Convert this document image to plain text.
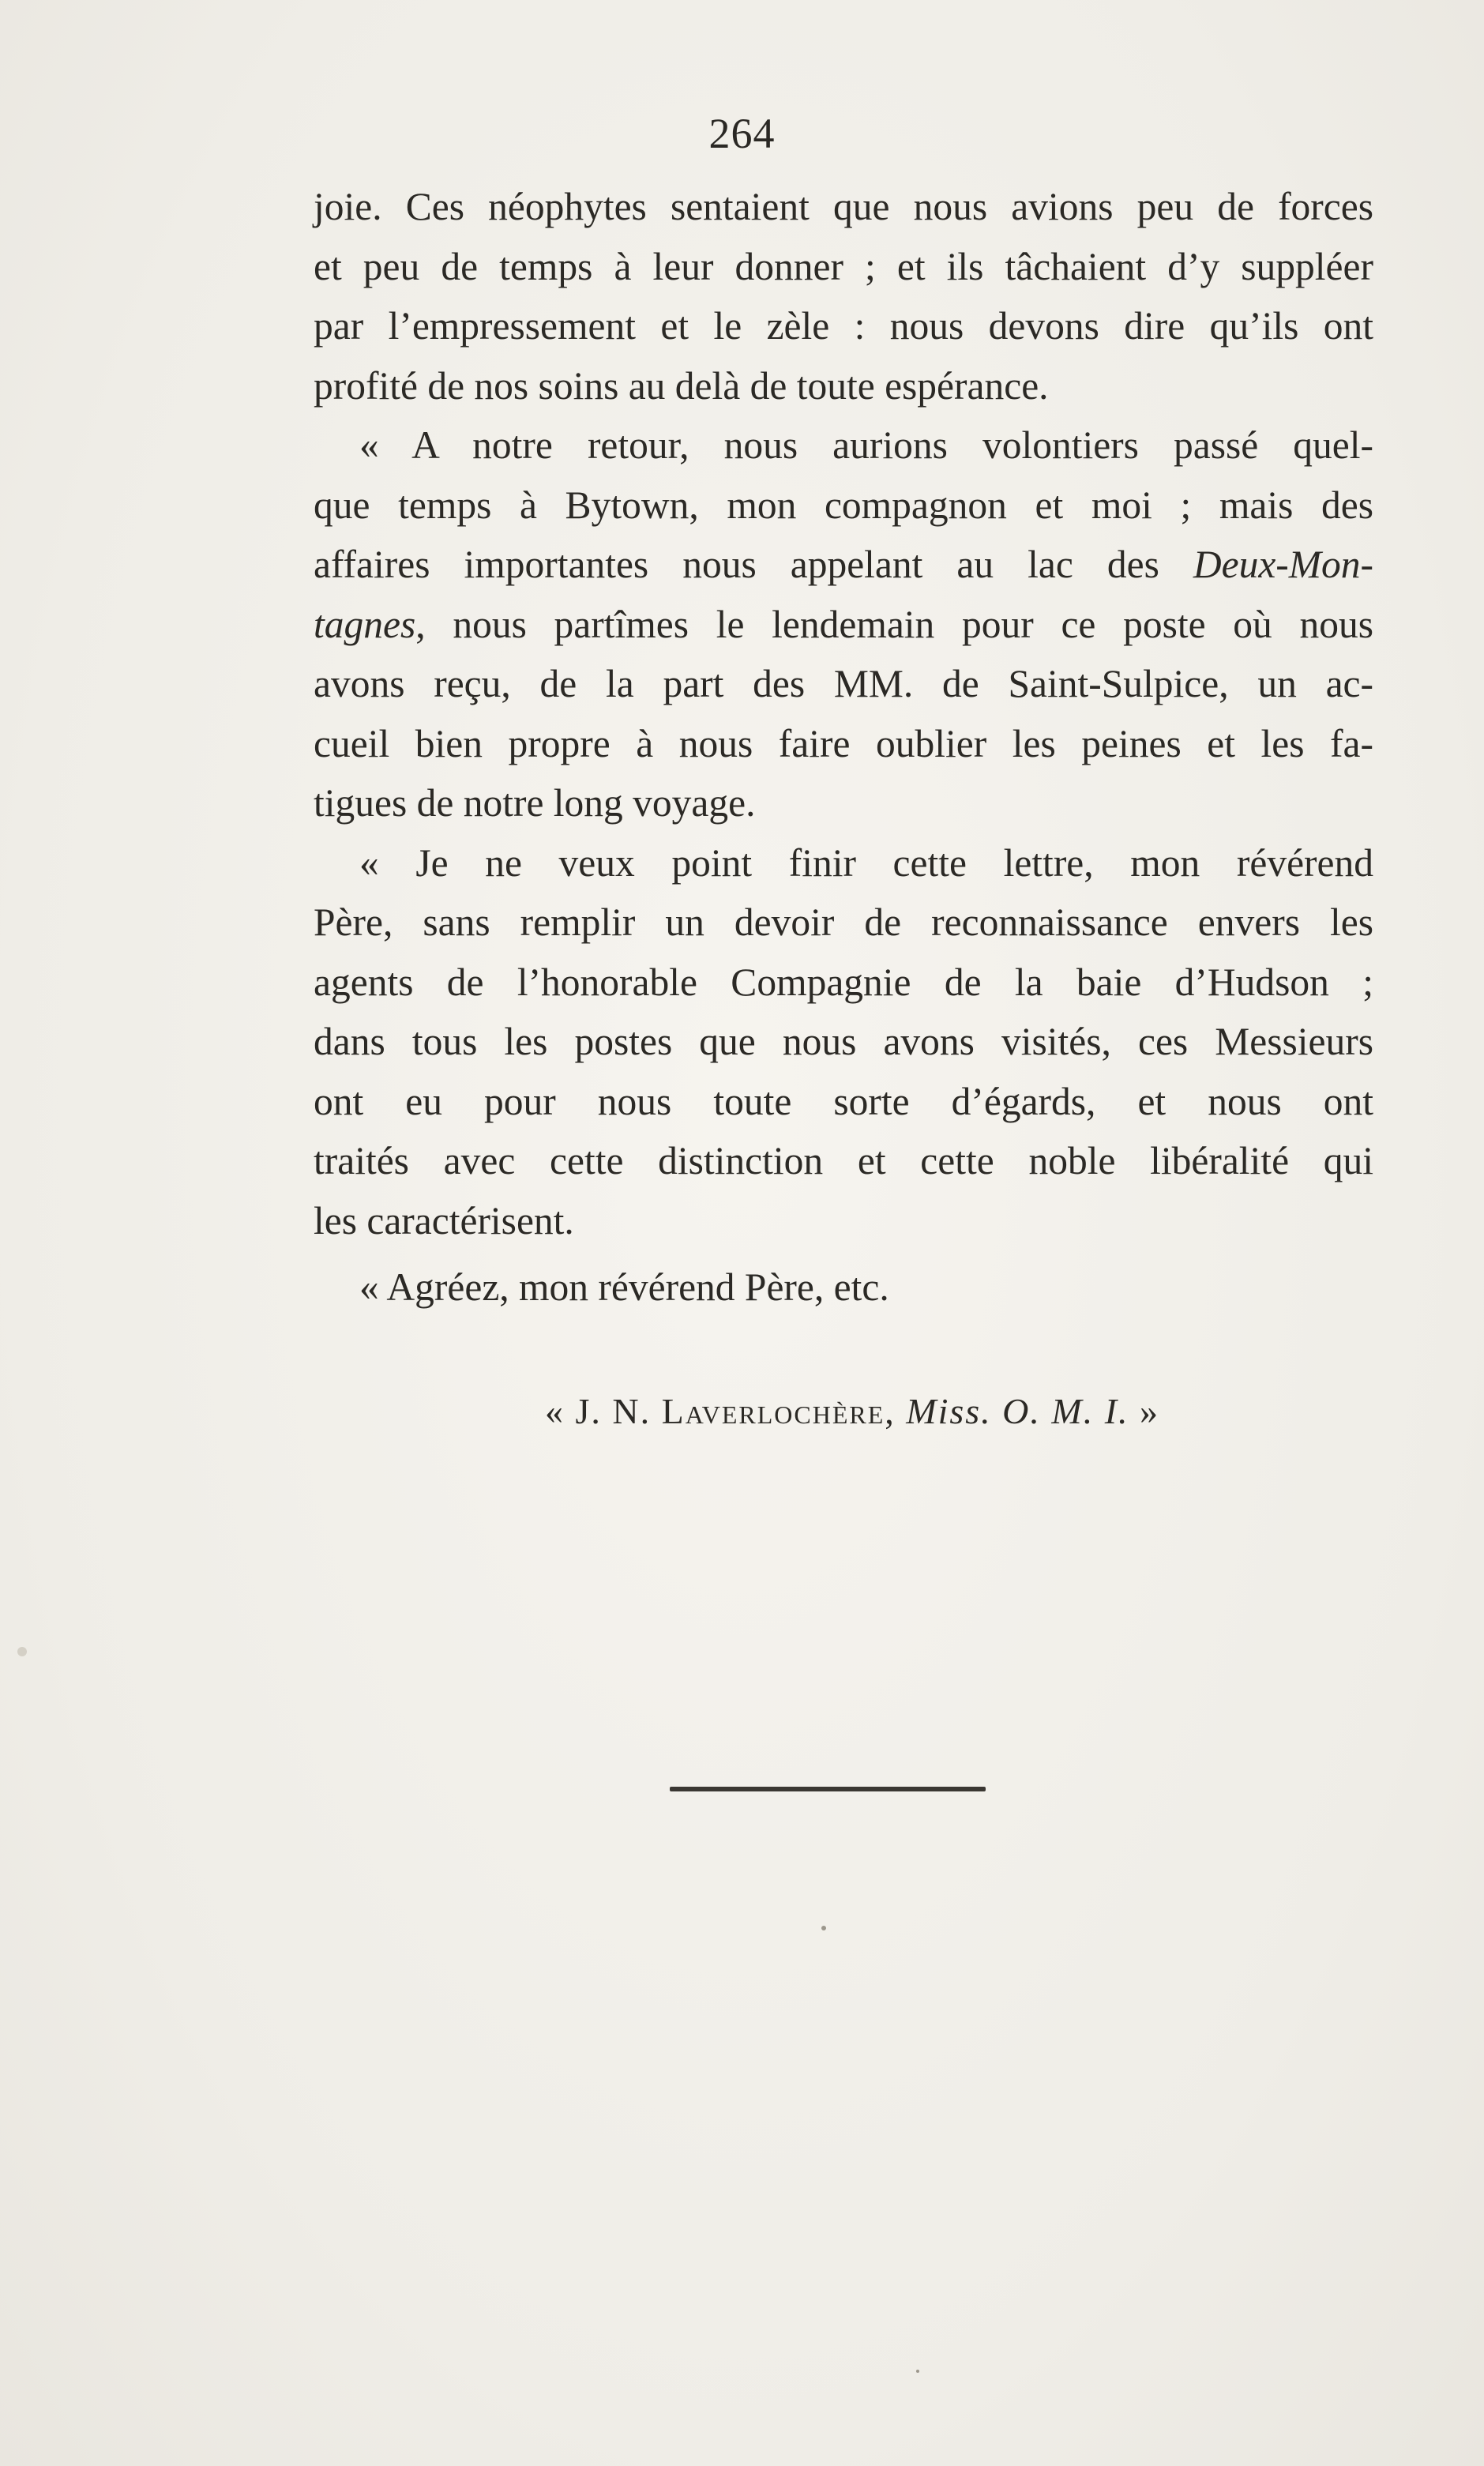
264

joie. Ces néophytes sentaient que nous avions peu de forces
et peu de temps à leur donner ; et ils tâchaient d’y suppléer
par l’empressement et le zèle : nous devons dire qu’ils ont
profité de nos soins au delà de toute espérance.

« A notre retour, nous aurions volontiers passé quel-
que temps à Bytown, mon compagnon et moi ; mais des
affaires importantes nous appelant au lac des Deux-Mon-
tagnes, nous partîmes le lendemain pour ce poste où nous
avons reçu, de la part des MM. de Saint-Sulpice, un ac-
cueil bien propre à nous faire oublier les peines et les fa-
tigues de notre long voyage.

« Je ne veux point finir cette lettre, mon révérend
Père, sans remplir un devoir de reconnaissance envers les
agents de l’honorable Compagnie de la baie d’Hudson ;
dans tous les postes que nous avons visités, ces Messieurs
ont eu pour nous toute sorte d’égards, et nous ont
traités avec cette distinction et cette noble libéralité qui
les caractérisent.

« Agréez, mon révérend Père, etc.
« J. N. Laverlochère, Miss. O. M. I. »
